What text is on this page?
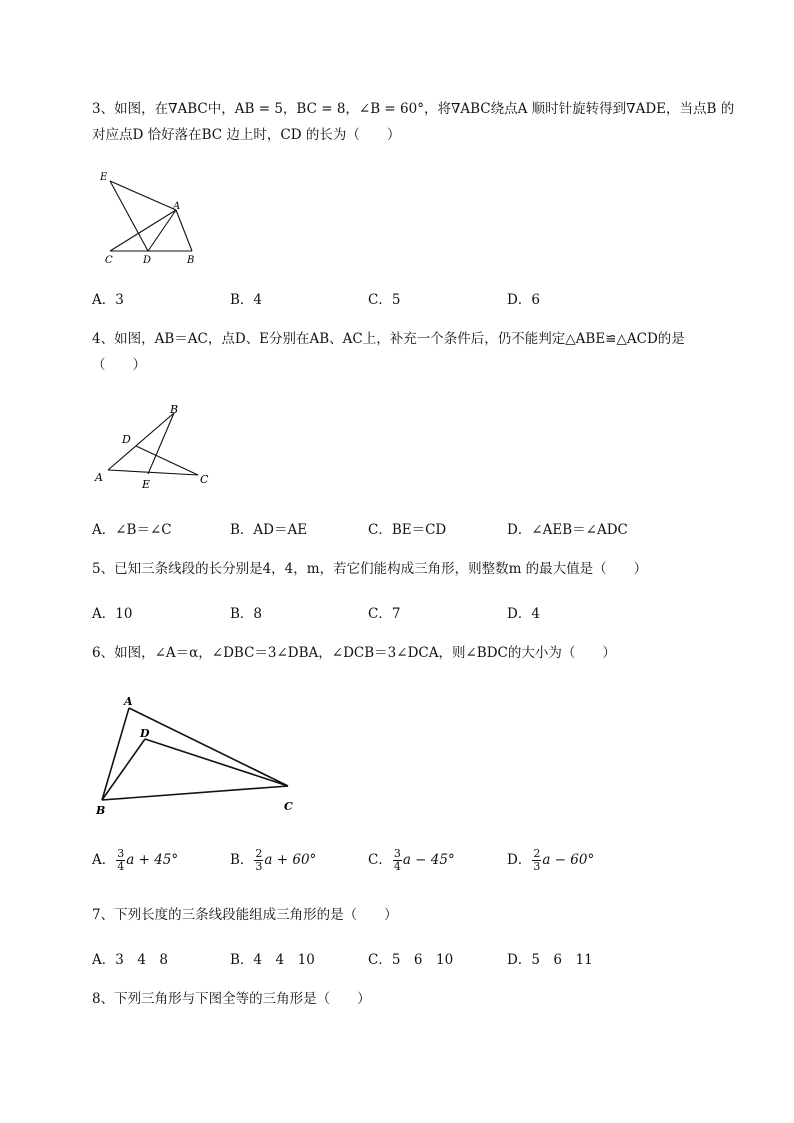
3、如图，在∇ABC中，AB = 5，BC = 8，∠B = 60°，将∇ABC绕点A 顺时针旋转得到∇ADE，当点B 的
对应点D 恰好落在BC 边上时，CD 的长为（　　）
E
A
C	D	B
A．3	B．4	C．5	D．6
4、如图，AB＝AC，点D、E分别在AB、AC上，补充一个条件后，仍不能判定△ABE≌△ACD的是
（　　）
B
D
A
E	C
A．∠B＝∠C	B．AD＝AE	C．BE＝CD	D．∠AEB＝∠ADC
5、已知三条线段的长分别是4，4，m，若它们能构成三角形，则整数m 的最大值是（　　）
A．10	B．8	C．7	D．4
6、如图，∠A＝α，∠DBC＝3∠DBA，∠DCB＝3∠DCA，则∠BDC的大小为（　　）
A
D
B	C
A． $\frac{3}{4}$ a + 45°	B． $\frac{2}{3}$ a + 60°	C． $\frac{3}{4}$ a − 45°	D． $\frac{2}{3}$ a − 60°
7、下列长度的三条线段能组成三角形的是（　　）
A．3　4　8	B．4　4　10	C．5　6　10	D．5　6　11
8、下列三角形与下图全等的三角形是（　　）
